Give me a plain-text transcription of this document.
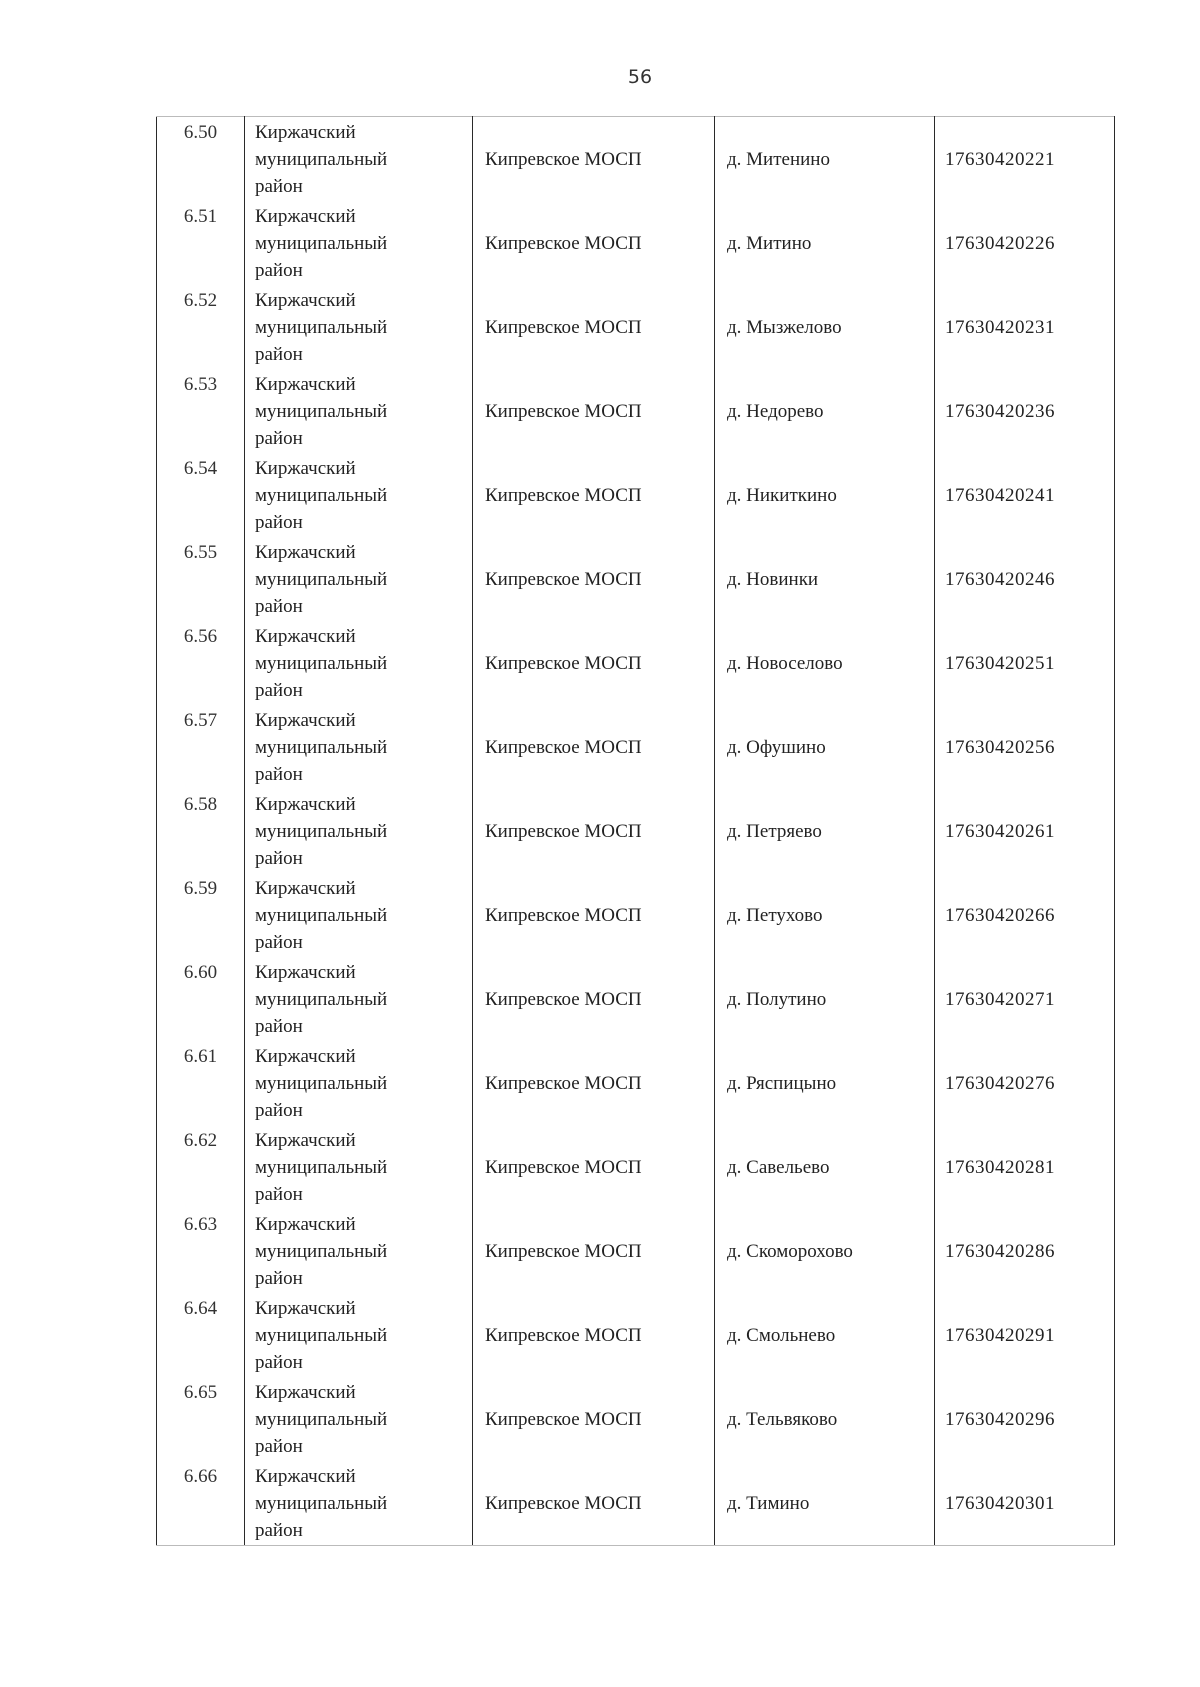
56
6.50	Киржачский
муниципальный
район	Кипревское МОСП	д. Митенино	17630420221
6.51	Киржачский
муниципальный
район	Кипревское МОСП	д. Митино	17630420226
6.52	Киржачский
муниципальный
район	Кипревское МОСП	д. Мызжелово	17630420231
6.53	Киржачский
муниципальный
район	Кипревское МОСП	д. Недорево	17630420236
6.54	Киржачский
муниципальный
район	Кипревское МОСП	д. Никиткино	17630420241
6.55	Киржачский
муниципальный
район	Кипревское МОСП	д. Новинки	17630420246
6.56	Киржачский
муниципальный
район	Кипревское МОСП	д. Новоселово	17630420251
6.57	Киржачский
муниципальный
район	Кипревское МОСП	д. Офушино	17630420256
6.58	Киржачский
муниципальный
район	Кипревское МОСП	д. Петряево	17630420261
6.59	Киржачский
муниципальный
район	Кипревское МОСП	д. Петухово	17630420266
6.60	Киржачский
муниципальный
район	Кипревское МОСП	д. Полутино	17630420271
6.61	Киржачский
муниципальный
район	Кипревское МОСП	д. Ряспицыно	17630420276
6.62	Киржачский
муниципальный
район	Кипревское МОСП	д. Савельево	17630420281
6.63	Киржачский
муниципальный
район	Кипревское МОСП	д. Скоморохово	17630420286
6.64	Киржачский
муниципальный
район	Кипревское МОСП	д. Смольнево	17630420291
6.65	Киржачский
муниципальный
район	Кипревское МОСП	д. Тельвяково	17630420296
6.66	Киржачский
муниципальный
район	Кипревское МОСП	д. Тимино	17630420301
